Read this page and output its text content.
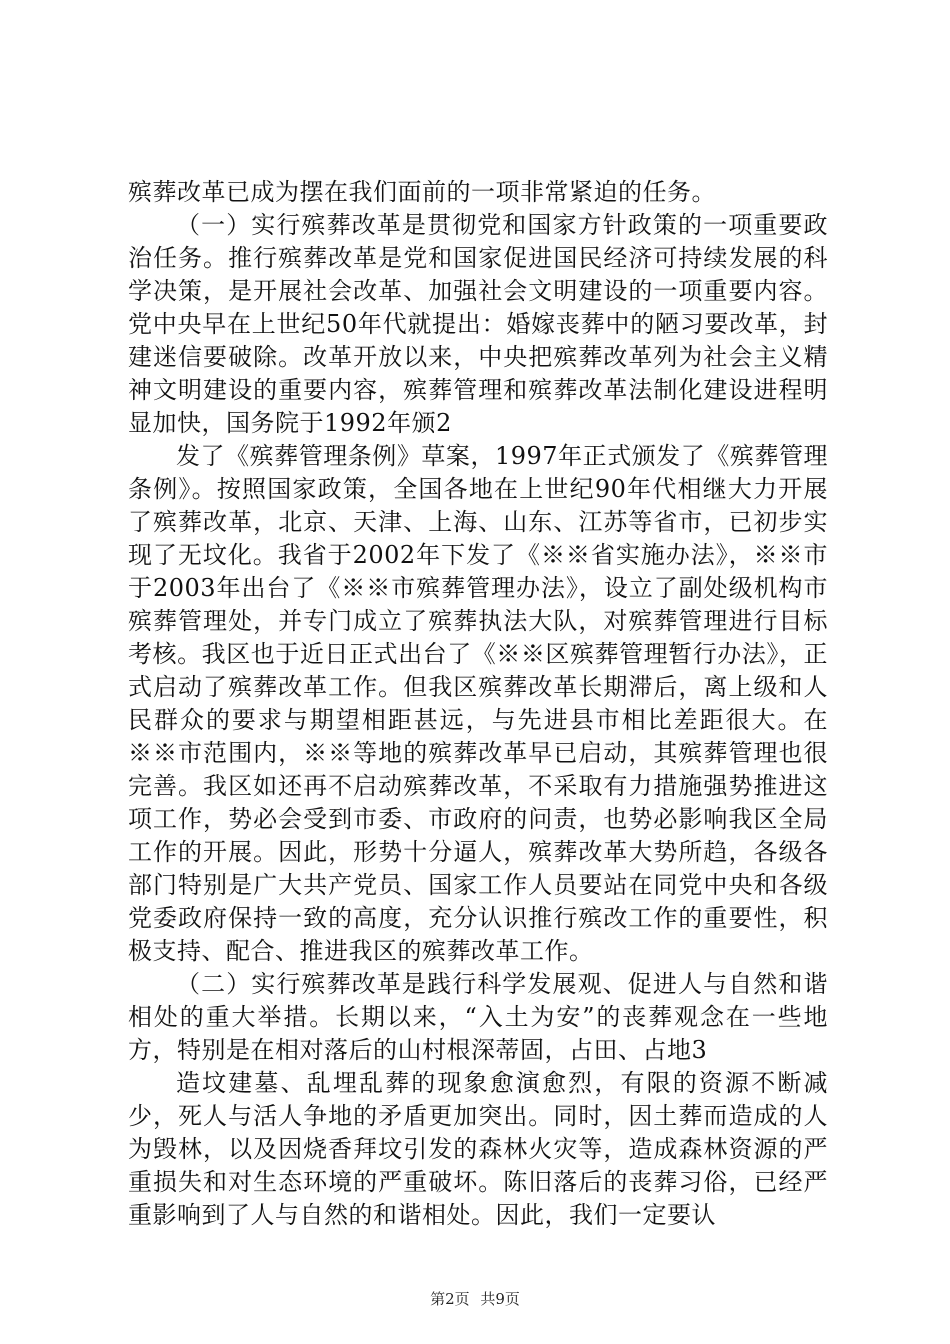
殡葬改革已成为摆在我们面前的一项非常紧迫的任务。

（一）实行殡葬改革是贯彻党和国家方针政策的一项重要政治任务。推行殡葬改革是党和国家促进国民经济可持续发展的科学决策，是开展社会改革、加强社会文明建设的一项重要内容。党中央早在上世纪50年代就提出：婚嫁丧葬中的陋习要改革，封建迷信要破除。改革开放以来，中央把殡葬改革列为社会主义精神文明建设的重要内容，殡葬管理和殡葬改革法制化建设进程明显加快，国务院于1992年颁2

发了《殡葬管理条例》草案，1997年正式颁发了《殡葬管理条例》。按照国家政策，全国各地在上世纪90年代相继大力开展了殡葬改革，北京、天津、上海、山东、江苏等省市，已初步实现了无坟化。我省于2002年下发了《※※省实施办法》，※※市于2003年出台了《※※市殡葬管理办法》，设立了副处级机构市殡葬管理处，并专门成立了殡葬执法大队，对殡葬管理进行目标考核。我区也于近日正式出台了《※※区殡葬管理暂行办法》，正式启动了殡葬改革工作。但我区殡葬改革长期滞后，离上级和人民群众的要求与期望相距甚远，与先进县市相比差距很大。在※※市范围内，※※等地的殡葬改革早已启动，其殡葬管理也很完善。我区如还再不启动殡葬改革，不采取有力措施强势推进这项工作，势必会受到市委、市政府的问责，也势必影响我区全局工作的开展。因此，形势十分逼人，殡葬改革大势所趋，各级各部门特别是广大共产党员、国家工作人员要站在同党中央和各级党委政府保持一致的高度，充分认识推行殡改工作的重要性，积极支持、配合、推进我区的殡葬改革工作。

（二）实行殡葬改革是践行科学发展观、促进人与自然和谐相处的重大举措。长期以来，“入土为安”的丧葬观念在一些地方，特别是在相对落后的山村根深蒂固，占田、占地3

造坟建墓、乱埋乱葬的现象愈演愈烈，有限的资源不断减少，死人与活人争地的矛盾更加突出。同时，因土葬而造成的人为毁林，以及因烧香拜坟引发的森林火灾等，造成森林资源的严重损失和对生态环境的严重破坏。陈旧落后的丧葬习俗，已经严重影响到了人与自然的和谐相处。因此，我们一定要认

第2页 共9页
